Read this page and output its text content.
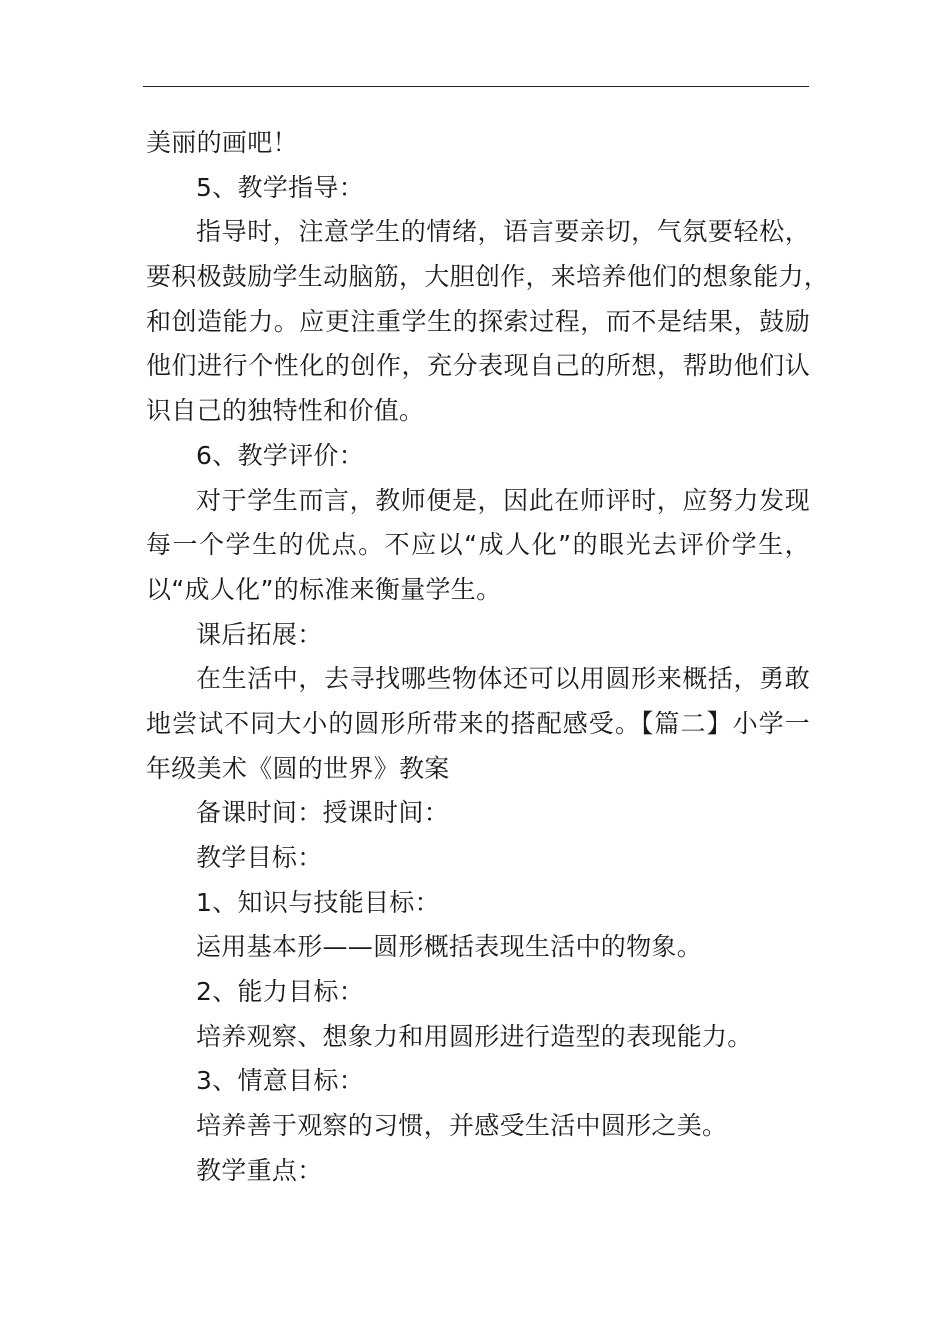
美丽的画吧！
5、教学指导：
指导时，注意学生的情绪，语言要亲切，气氛要轻松，
要积极鼓励学生动脑筋，大胆创作，来培养他们的想象能力，
和创造能力。应更注重学生的探索过程，而不是结果，鼓励
他们进行个性化的创作，充分表现自己的所想，帮助他们认
识自己的独特性和价值。
6、教学评价：
对于学生而言，教师便是，因此在师评时，应努力发现
每一个学生的优点。不应以“成人化”的眼光去评价学生，
以“成人化”的标准来衡量学生。
课后拓展：
在生活中，去寻找哪些物体还可以用圆形来概括，勇敢
地尝试不同大小的圆形所带来的搭配感受。【篇二】小学一
年级美术《圆的世界》教案
备课时间：授课时间：
教学目标：
1、知识与技能目标：
运用基本形——圆形概括表现生活中的物象。
2、能力目标：
培养观察、想象力和用圆形进行造型的表现能力。
3、情意目标：
培养善于观察的习惯，并感受生活中圆形之美。
教学重点：
